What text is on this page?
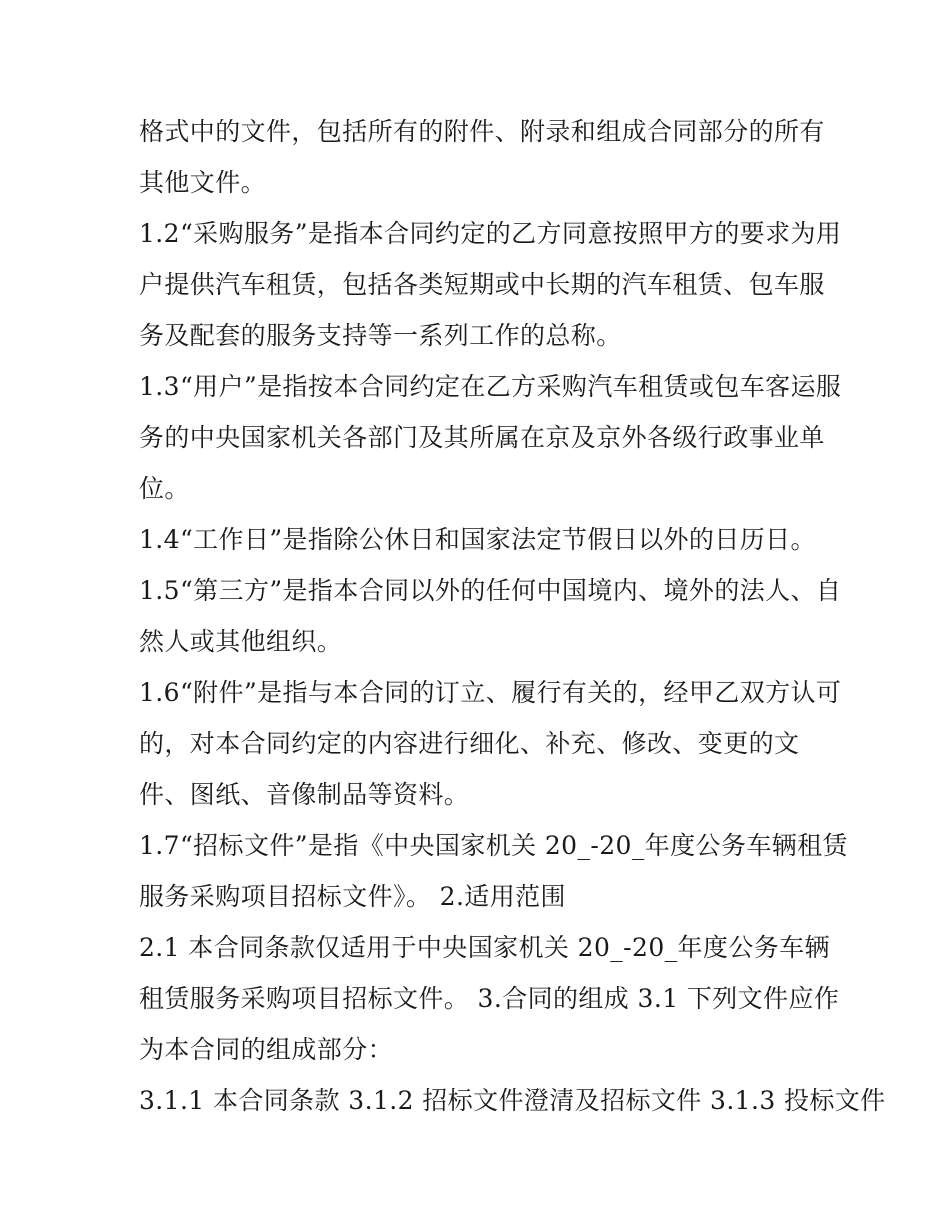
格式中的文件，包括所有的附件、附录和组成合同部分的所有
其他文件。
1.2“采购服务”是指本合同约定的乙方同意按照甲方的要求为用
户提供汽车租赁，包括各类短期或中长期的汽车租赁、包车服
务及配套的服务支持等一系列工作的总称。
1.3“用户”是指按本合同约定在乙方采购汽车租赁或包车客运服
务的中央国家机关各部门及其所属在京及京外各级行政事业单
位。
1.4“工作日”是指除公休日和国家法定节假日以外的日历日。
1.5“第三方”是指本合同以外的任何中国境内、境外的法人、自
然人或其他组织。
1.6“附件”是指与本合同的订立、履行有关的，经甲乙双方认可
的，对本合同约定的内容进行细化、补充、修改、变更的文
件、图纸、音像制品等资料。
1.7“招标文件”是指《中央国家机关 20_-20_年度公务车辆租赁
服务采购项目招标文件》。 2.适用范围
2.1 本合同条款仅适用于中央国家机关 20_-20_年度公务车辆
租赁服务采购项目招标文件。 3.合同的组成 3.1 下列文件应作
为本合同的组成部分：
3.1.1 本合同条款 3.1.2 招标文件澄清及招标文件 3.1.3 投标文件
